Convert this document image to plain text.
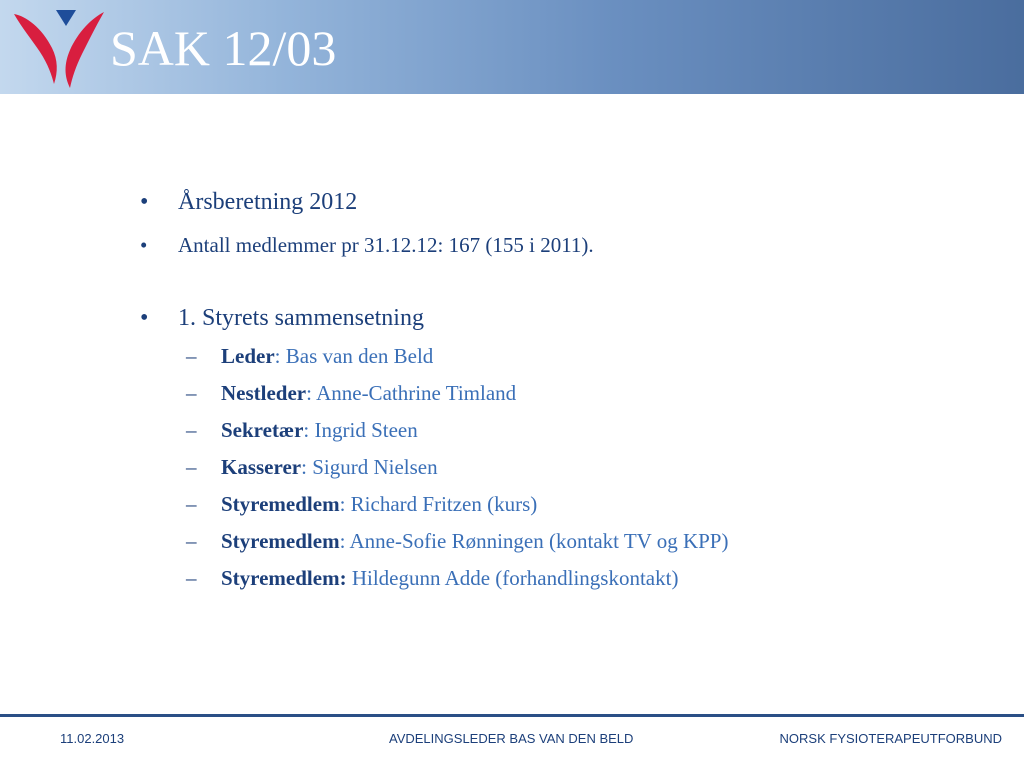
SAK 12/03
• Årsberetning 2012
• Antall medlemmer pr 31.12.12: 167 (155 i 2011).
• 1. Styrets sammensetning
– Leder: Bas van den Beld
– Nestleder: Anne-Cathrine Timland
– Sekretær: Ingrid Steen
– Kasserer: Sigurd Nielsen
– Styremedlem: Richard Fritzen (kurs)
– Styremedlem: Anne-Sofie Rønningen (kontakt TV og KPP)
– Styremedlem: Hildegunn Adde (forhandlingskontakt)
11.02.2013	AVDELINGSLEDER BAS VAN DEN BELD	NORSK FYSIOTERAPEUTFORBUND
